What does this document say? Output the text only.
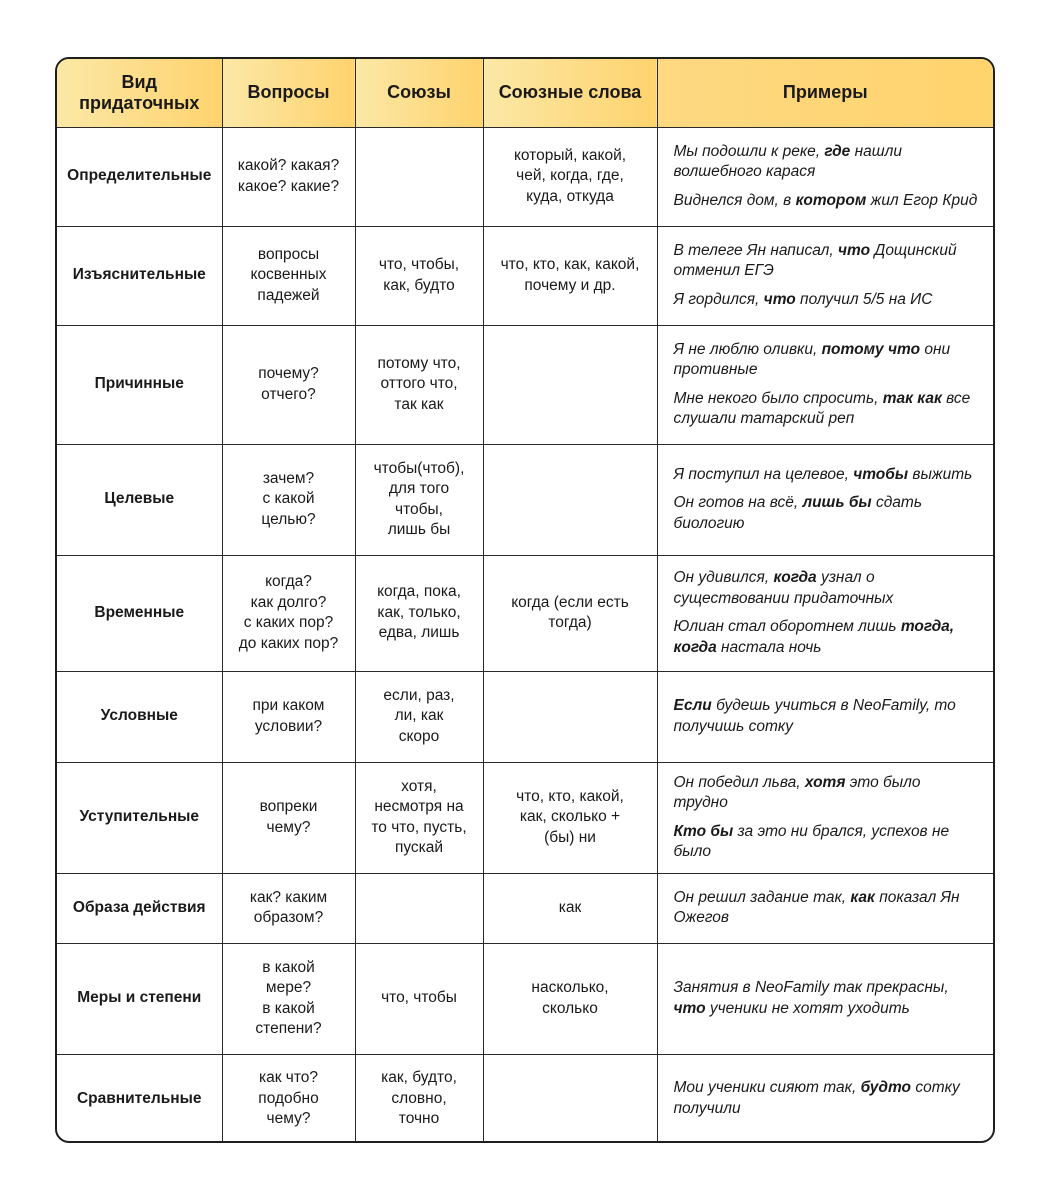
Вид
придаточных	Вопросы	Союзы	Союзные слова	Примеры
Определительные	какой? какая?
какое? какие?		который, какой,
чей, когда, где,
куда, откуда	Мы подошли к реке, где нашли волшебного карася
Виднелся дом, в котором жил Егор Крид

Изъяснительные	вопросы
косвенных
падежей	что, чтобы,
как, будто	что, кто, как, какой,
почему и др.	В телеге Ян написал, что Дощинский отменил ЕГЭ
Я гордился, что получил 5/5 на ИС

Причинные	почему?
отчего?	потому что,
оттого что,
так как		Я не люблю оливки, потому что они противные
Мне некого было спросить, так как все слушали татарский реп

Целевые	зачем?
с какой
целью?	чтобы(чтоб),
для того
чтобы,
лишь бы		Я поступил на целевое, чтобы выжить
Он готов на всё, лишь бы сдать биологию

Временные	когда?
как долго?
с каких пор?
до каких пор?	когда, пока,
как, только,
едва, лишь	когда (если есть
тогда)	Он удивился, когда узнал о существовании придаточных
Юлиан стал оборотнем лишь тогда, когда настала ночь

Условные	при каком
условии?	если, раз,
ли, как
скоро		Если будешь учиться в NeoFamily, то получишь сотку

Уступительные	вопреки
чему?	хотя,
несмотря на
то что, пусть,
пускай	что, кто, какой,
как, сколько +
(бы) ни	Он победил льва, хотя это было трудно
Кто бы за это ни брался, успехов не было

Образа действия	как? каким
образом?		как	Он решил задание так, как показал Ян Ожегов

Меры и степени	в какой
мере?
в какой
степени?	что, чтобы	насколько,
сколько	Занятия в NeoFamily так прекрасны, что ученики не хотят уходить

Сравнительные	как что?
подобно
чему?	как, будто,
словно,
точно		Мои ученики сияют так, будто сотку получили
